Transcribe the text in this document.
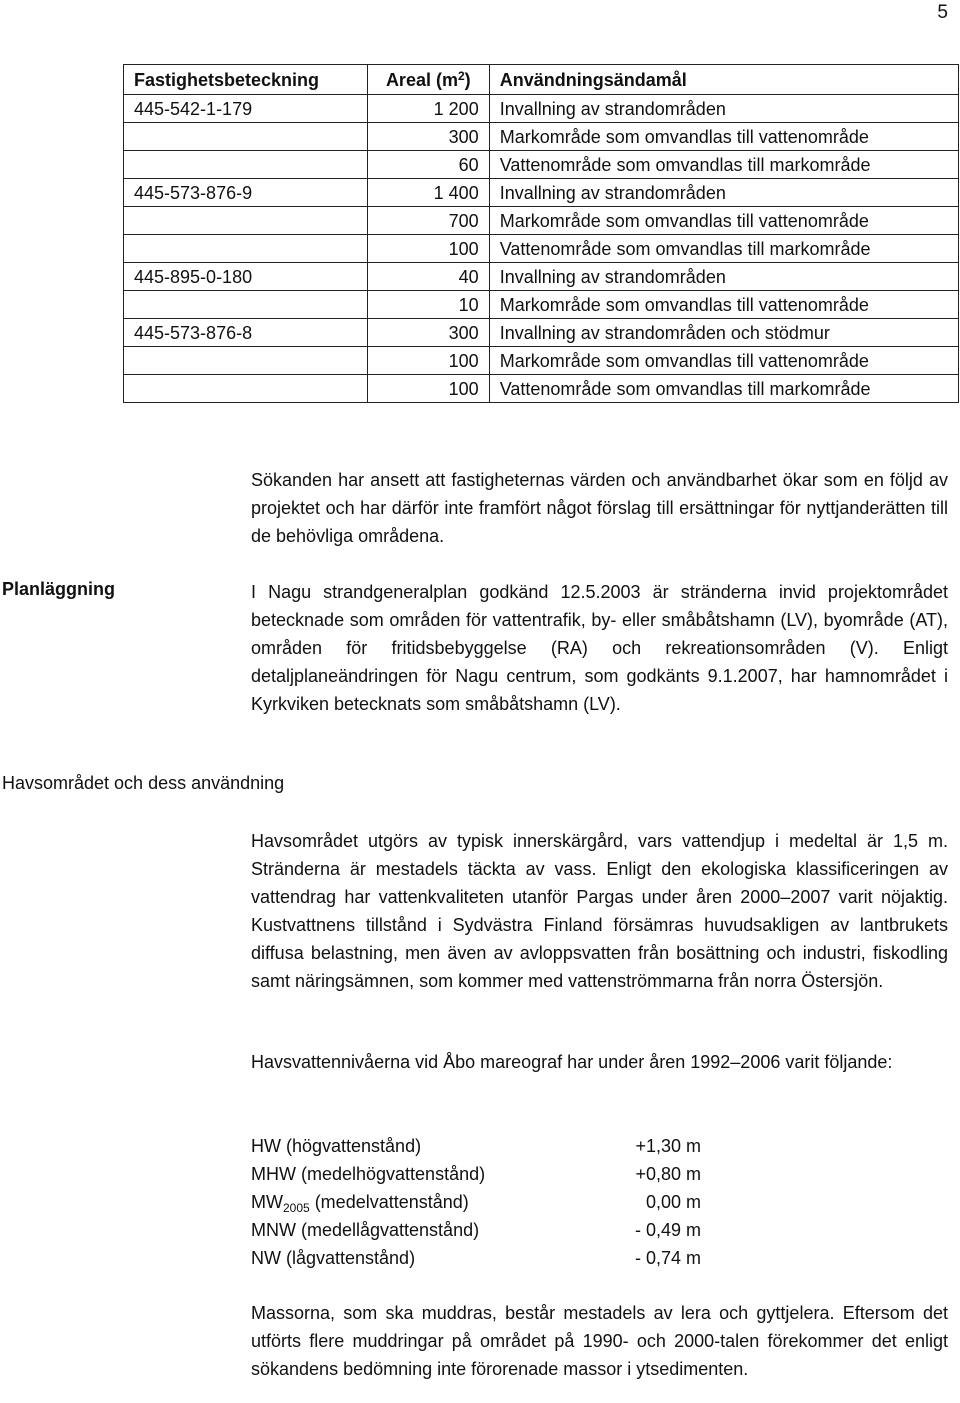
5
Fastighetsbeteckning	Areal $(m^2)$	Användningsändamål
445-542-1-179	1 200	Invallning av strandområden
	300	Markområde som omvandlas till vattenområde
	60	Vattenområde som omvandlas till markområde
445-573-876-9	1 400	Invallning av strandområden
	700	Markområde som omvandlas till vattenområde
	100	Vattenområde som omvandlas till markområde
445-895-0-180	40	Invallning av strandområden
	10	Markområde som omvandlas till vattenområde
445-573-876-8	300	Invallning av strandområden och stödmur
	100	Markområde som omvandlas till vattenområde
	100	Vattenområde som omvandlas till markområde

Sökanden har ansett att fastigheternas värden och användbarhet ökar som en följd av projektet och har därför inte framfört något förslag till ersättningar för nyttjanderätten till de behövliga områdena.

Planläggning	I Nagu strandgeneralplan godkänd 12.5.2003 är stränderna invid projektområdet betecknade som områden för vattentrafik, by- eller småbåtshamn (LV), byområde (AT), områden för fritidsbebyggelse (RA) och rekreationsområden (V). Enligt detaljplaneändringen för Nagu centrum, som godkänts 9.1.2007, har hamnområdet i Kyrkviken betecknats som småbåtshamn (LV).

Havsområdet och dess användning

Havsområdet utgörs av typisk innerskärgård, vars vattendjup i medeltal är 1,5 m. Stränderna är mestadels täckta av vass. Enligt den ekologiska klassificeringen av vattendrag har vattenkvaliteten utanför Pargas under åren 2000–2007 varit nöjaktig. Kustvattnens tillstånd i Sydvästra Finland försämras huvudsakligen av lantbrukets diffusa belastning, men även av avloppsvatten från bosättning och industri, fiskodling samt näringsämnen, som kommer med vattenströmmarna från norra Östersjön.

Havsvattennivåerna vid Åbo mareograf har under åren 1992–2006 varit följande:

HW (högvattenstånd)	+1,30 m
MHW (medelhögvattenstånd)	+0,80 m
$MW_{2005}$ (medelvattenstånd)	0,00 m
MNW (medellågvattenstånd)	- 0,49 m
NW (lågvattenstånd)	- 0,74 m

Massorna, som ska muddras, består mestadels av lera och gyttjelera. Eftersom det utförts flere muddringar på området på 1990- och 2000-talen förekommer det enligt sökandens bedömning inte förorenade massor i ytsedimenten.
